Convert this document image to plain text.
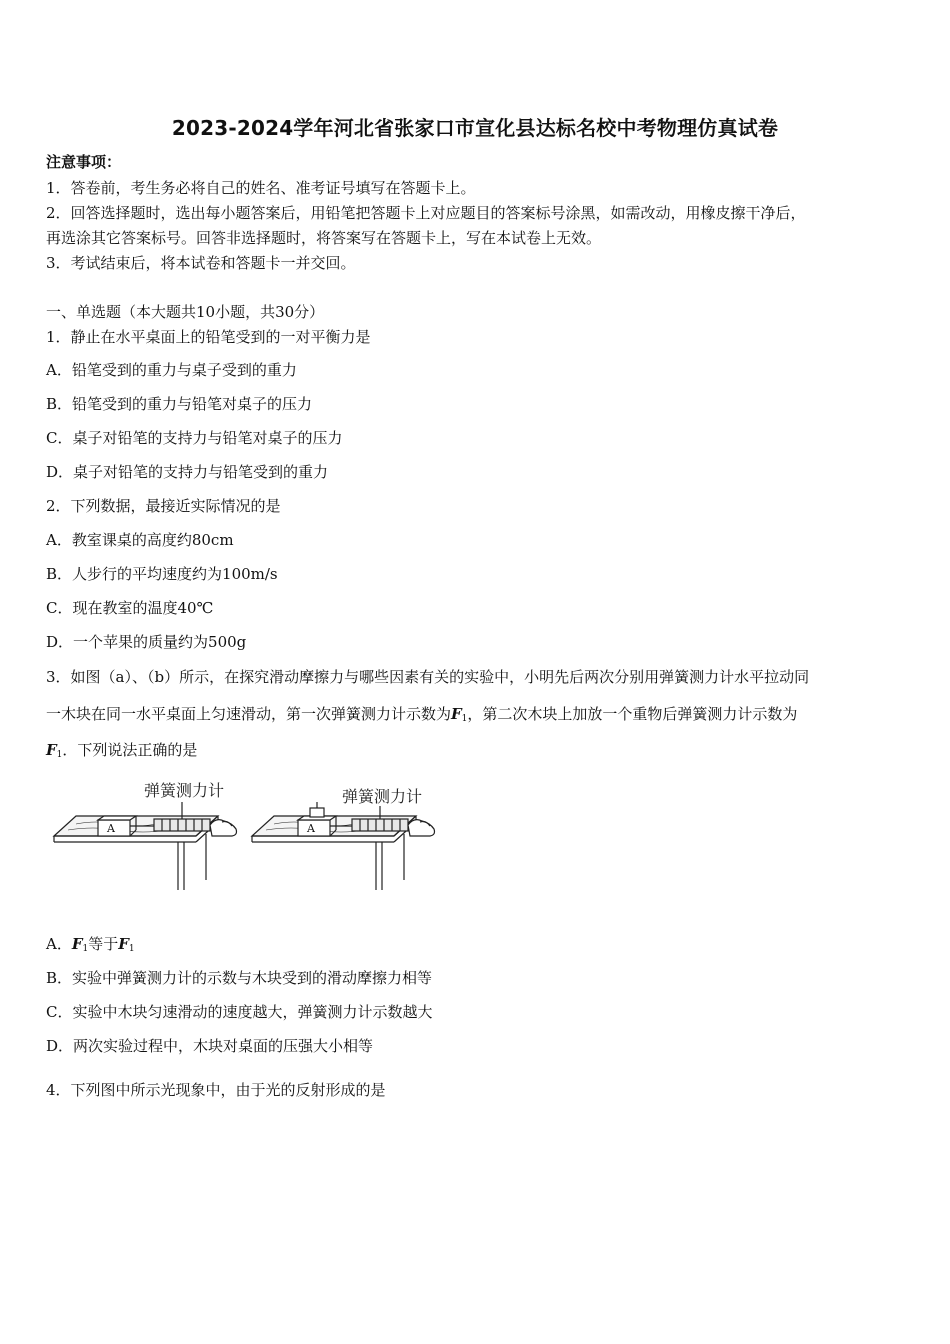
2023-2024学年河北省张家口市宣化县达标名校中考物理仿真试卷
注意事项：
1．答卷前，考生务必将自己的姓名、准考证号填写在答题卡上。
2．回答选择题时，选出每小题答案后，用铅笔把答题卡上对应题目的答案标号涂黑，如需改动，用橡皮擦干净后，
再选涂其它答案标号。回答非选择题时，将答案写在答题卡上，写在本试卷上无效。
3．考试结束后，将本试卷和答题卡一并交回。
一、单选题（本大题共10小题，共30分）
1．静止在水平桌面上的铅笔受到的一对平衡力是
A．铅笔受到的重力与桌子受到的重力
B．铅笔受到的重力与铅笔对桌子的压力
C．桌子对铅笔的支持力与铅笔对桌子的压力
D．桌子对铅笔的支持力与铅笔受到的重力
2．下列数据，最接近实际情况的是
A．教室课桌的高度约80cm
B．人步行的平均速度约为100m/s
C．现在教室的温度40℃
D．一个苹果的质量约为500g
3．如图（a）、（b）所示，在探究滑动摩擦力与哪些因素有关的实验中，小明先后两次分别用弹簧测力计水平拉动同
一木块在同一水平桌面上匀速滑动，第一次弹簧测力计示数为$F_1$，第二次木块上加放一个重物后弹簧测力计示数为
$F_1$．下列说法正确的是
弹簧测力计	弹簧测力计
A	A
A．$F_1$等于$F_1$
B．实验中弹簧测力计的示数与木块受到的滑动摩擦力相等
C．实验中木块匀速滑动的速度越大，弹簧测力计示数越大
D．两次实验过程中，木块对桌面的压强大小相等
4．下列图中所示光现象中，由于光的反射形成的是
